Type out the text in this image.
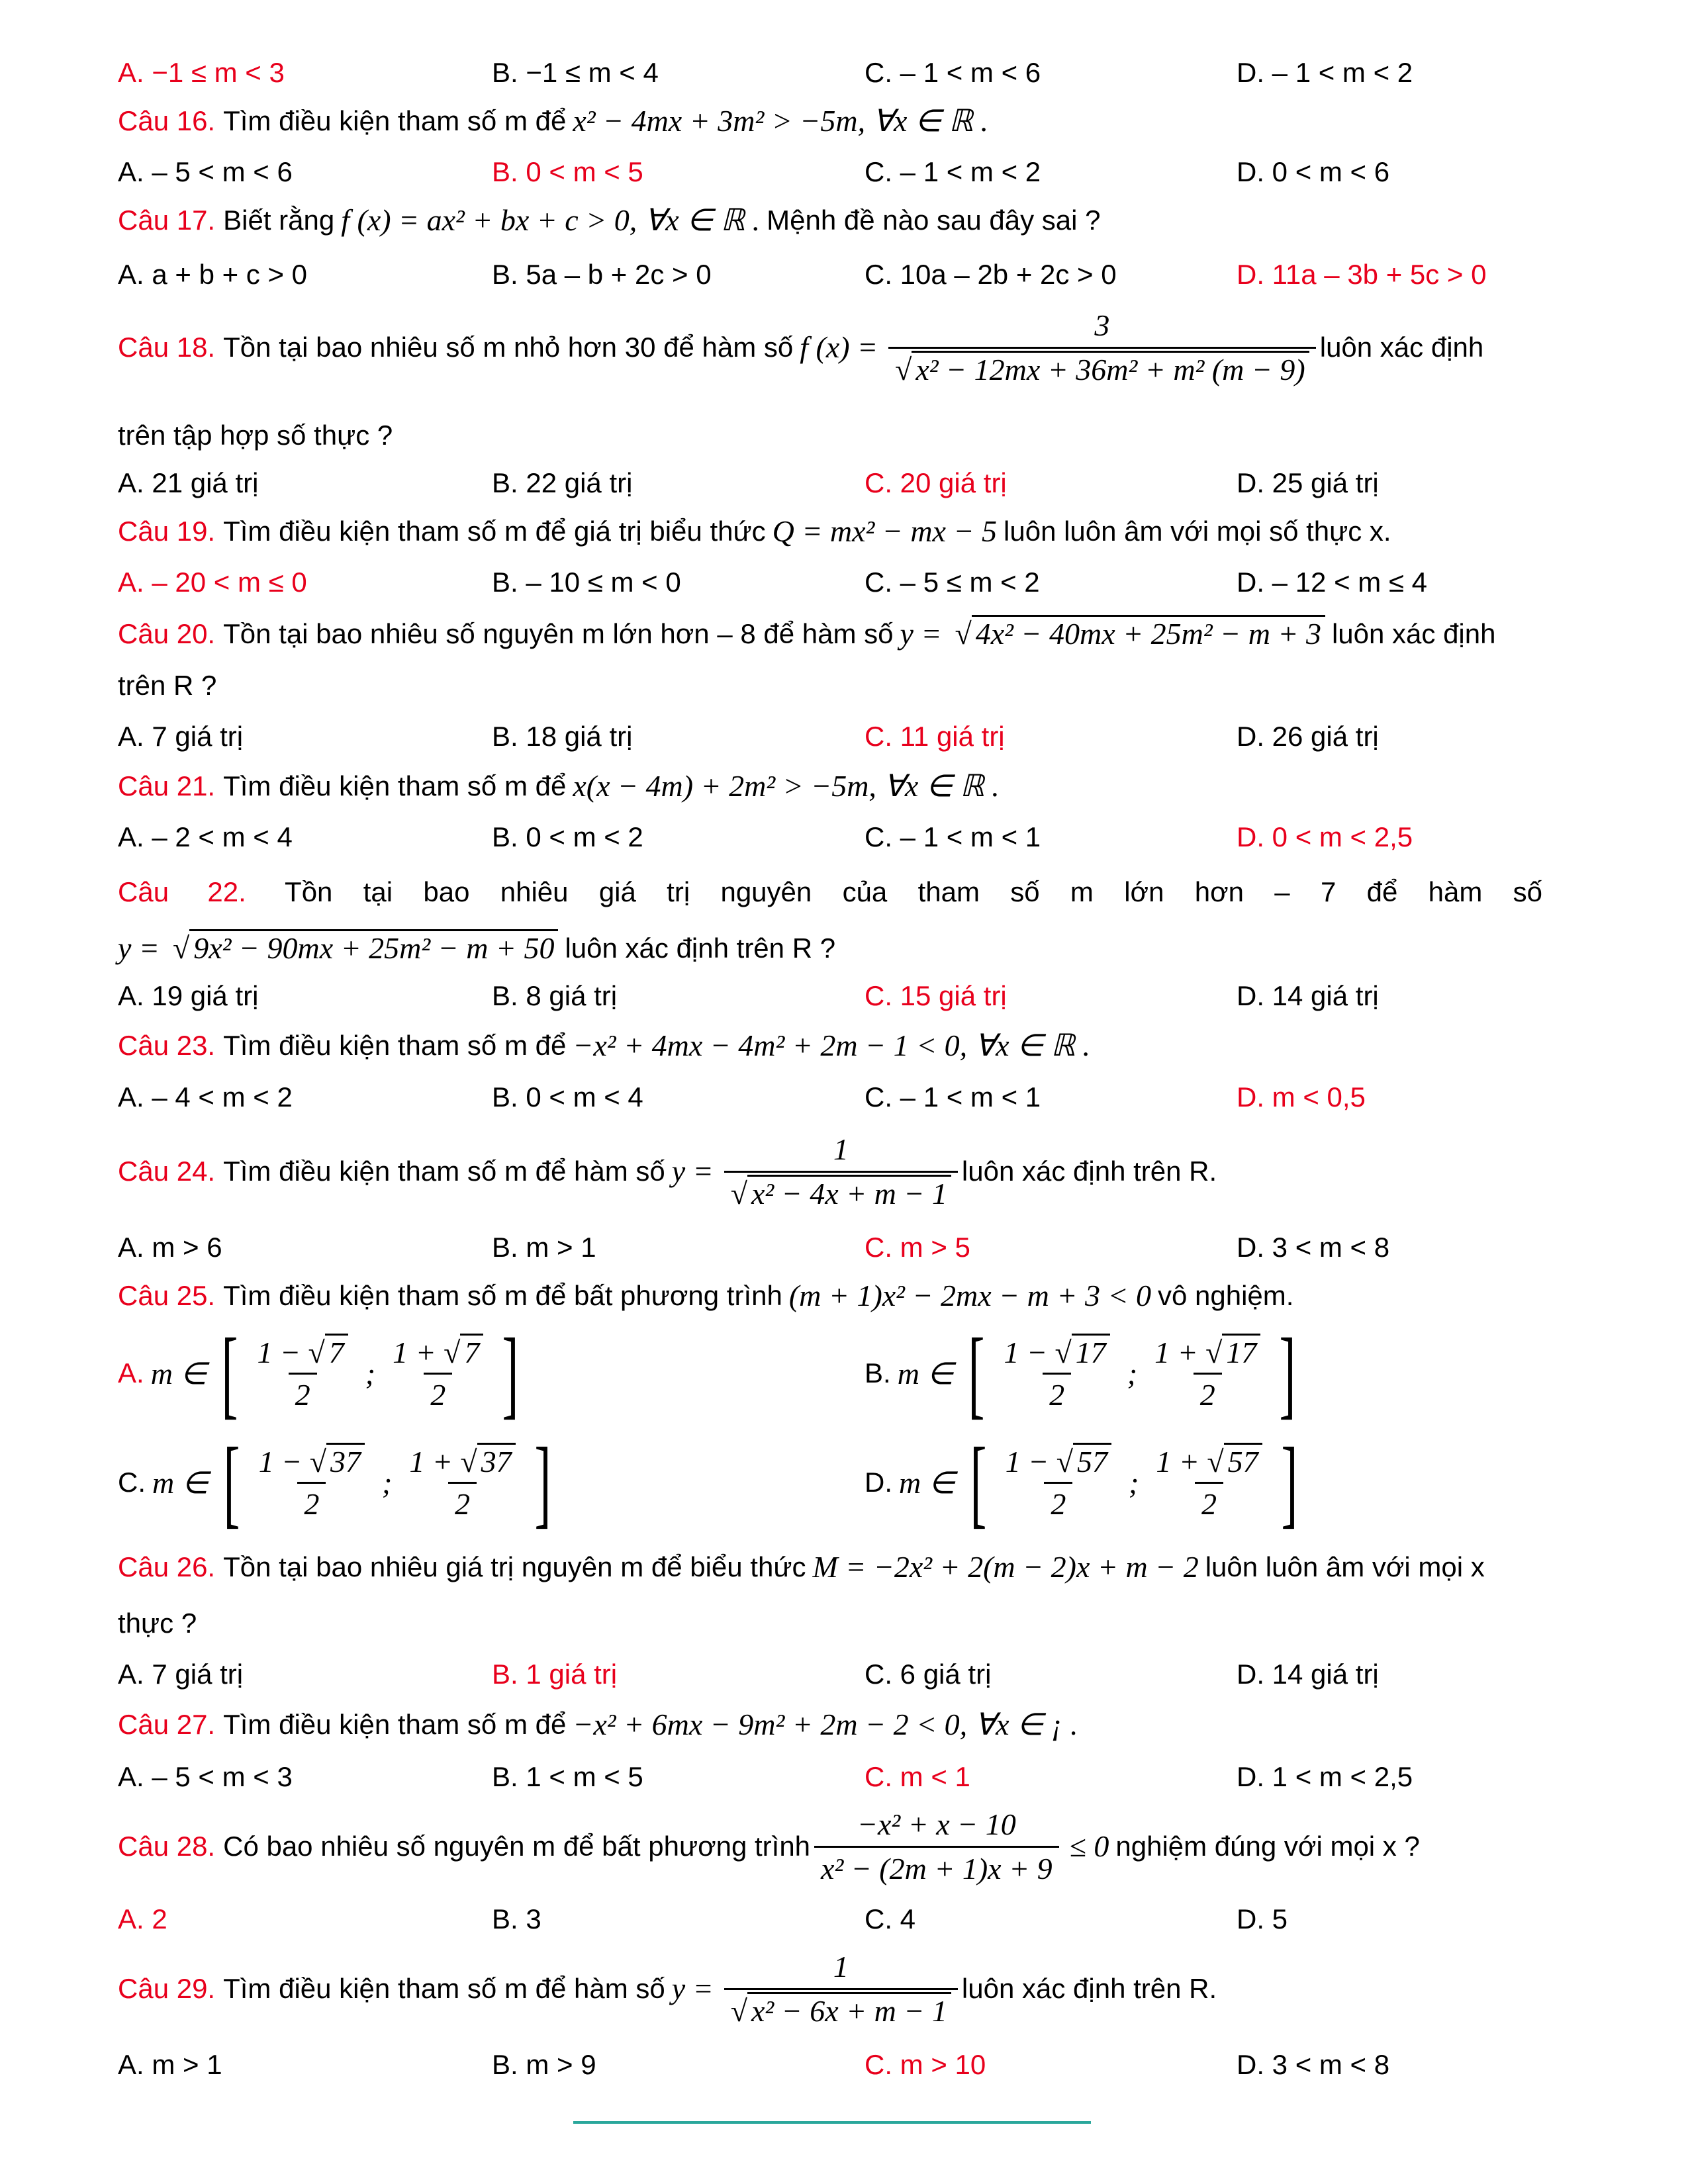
A. −1 ≤ m < 3	B. −1 ≤ m < 4	C. – 1 < m < 6	D. – 1 < m < 2
Câu 16. Tìm điều kiện tham số m để x² − 4mx + 3m² > −5m, ∀x ∈ ℝ .
A. – 5 < m < 6	B. 0 < m < 5	C. – 1 < m < 2	D. 0 < m < 6
Câu 17. Biết rằng f (x) = ax² + bx + c > 0, ∀x ∈ ℝ . Mệnh đề nào sau đây sai ?
A. a + b + c > 0	B. 5a – b + 2c > 0	C. 10a – 2b + 2c > 0	D. 11a – 3b + 5c > 0
Câu 18. Tồn tại bao nhiêu số m nhỏ hơn 30 để hàm số f $(x) = \frac{3}{\text{√ x² − 12mx + 36m² + m² (m − 9)}}$ luôn xác định
trên tập hợp số thực ?
A. 21 giá trị	B. 22 giá trị	C. 20 giá trị	D. 25 giá trị
Câu 19. Tìm điều kiện tham số m để giá trị biểu thức Q = mx² − mx − 5 luôn luôn âm với mọi số thực x.
A. – 20 < m ≤ 0	B. – 10 ≤ m < 0	C. – 5 ≤ m < 2	D. – 12 < m ≤ 4
Câu 20. Tồn tại bao nhiêu số nguyên m lớn hơn – 8 để hàm số y = √ 4x² − 40mx + 25m² − m + 3 luôn xác định
trên R ?
A. 7 giá trị	B. 18 giá trị	C. 11 giá trị	D. 26 giá trị
Câu 21. Tìm điều kiện tham số m để x(x − 4m) + 2m² > −5m, ∀x ∈ ℝ .
A. – 2 < m < 4	B. 0 < m < 2	C. – 1 < m < 1	D. 0 < m < 2,5
Câu 22. Tồn tại bao nhiêu giá trị nguyên của tham số m lớn hơn – 7 để hàm số
y = √ 9x² − 90mx + 25m² − m + 50 luôn xác định trên R ?
A. 19 giá trị	B. 8 giá trị	C. 15 giá trị	D. 14 giá trị
Câu 23. Tìm điều kiện tham số m để −x² + 4mx − 4m² + 2m − 1 < 0, ∀x ∈ ℝ .
A. – 4 < m < 2	B. 0 < m < 4	C. – 1 < m < 1	D. m < 0,5
Câu 24. Tìm điều kiện tham số m để hàm số $y = \frac{1}{\text{√ x² − 4x + m − 1}}$ luôn xác định trên R.
A. m > 6	B. m > 1	C. m > 5	D. 3 < m < 8
Câu 25. Tìm điều kiện tham số m để bất phương trình (m + 1)x² − 2mx − m + 3 < 0 vô nghiệm.
A. m ∈ [ $\frac{1 - √ 7}{2}$ ; $\frac{1 + √ 7}{2}$ ]	B. m ∈ [ $\frac{1 - √ 17}{2}$ ; $\frac{1 + √ 17}{2}$ ]
C. m ∈ [ $\frac{1 - √ 37}{2}$ ; $\frac{1 + √ 37}{2}$ ]	D. m ∈ [ $\frac{1 - √ 57}{2}$ ; $\frac{1 + √ 57}{2}$ ]
Câu 26. Tồn tại bao nhiêu giá trị nguyên m để biểu thức M = −2x² + 2(m − 2)x + m − 2 luôn luôn âm với mọi x
thực ?
A. 7 giá trị	B. 1 giá trị	C. 6 giá trị	D. 14 giá trị
Câu 27. Tìm điều kiện tham số m để −x² + 6mx − 9m² + 2m − 2 < 0, ∀x ∈ ¡ .
A. – 5 < m < 3	B. 1 < m < 5	C. m < 1	D. 1 < m < 2,5
Câu 28. Có bao nhiêu số nguyên m để bất phương trình $\frac{\text{−x² + x − 10}}{\text{x² − (2m + 1)x + 9}} \le 0$ nghiệm đúng với mọi x ?
A. 2	B. 3	C. 4	D. 5
Câu 29. Tìm điều kiện tham số m để hàm số $y = \frac{1}{\text{√ x² − 6x + m − 1}}$ luôn xác định trên R.
A. m > 1	B. m > 9	C. m > 10	D. 3 < m < 8
